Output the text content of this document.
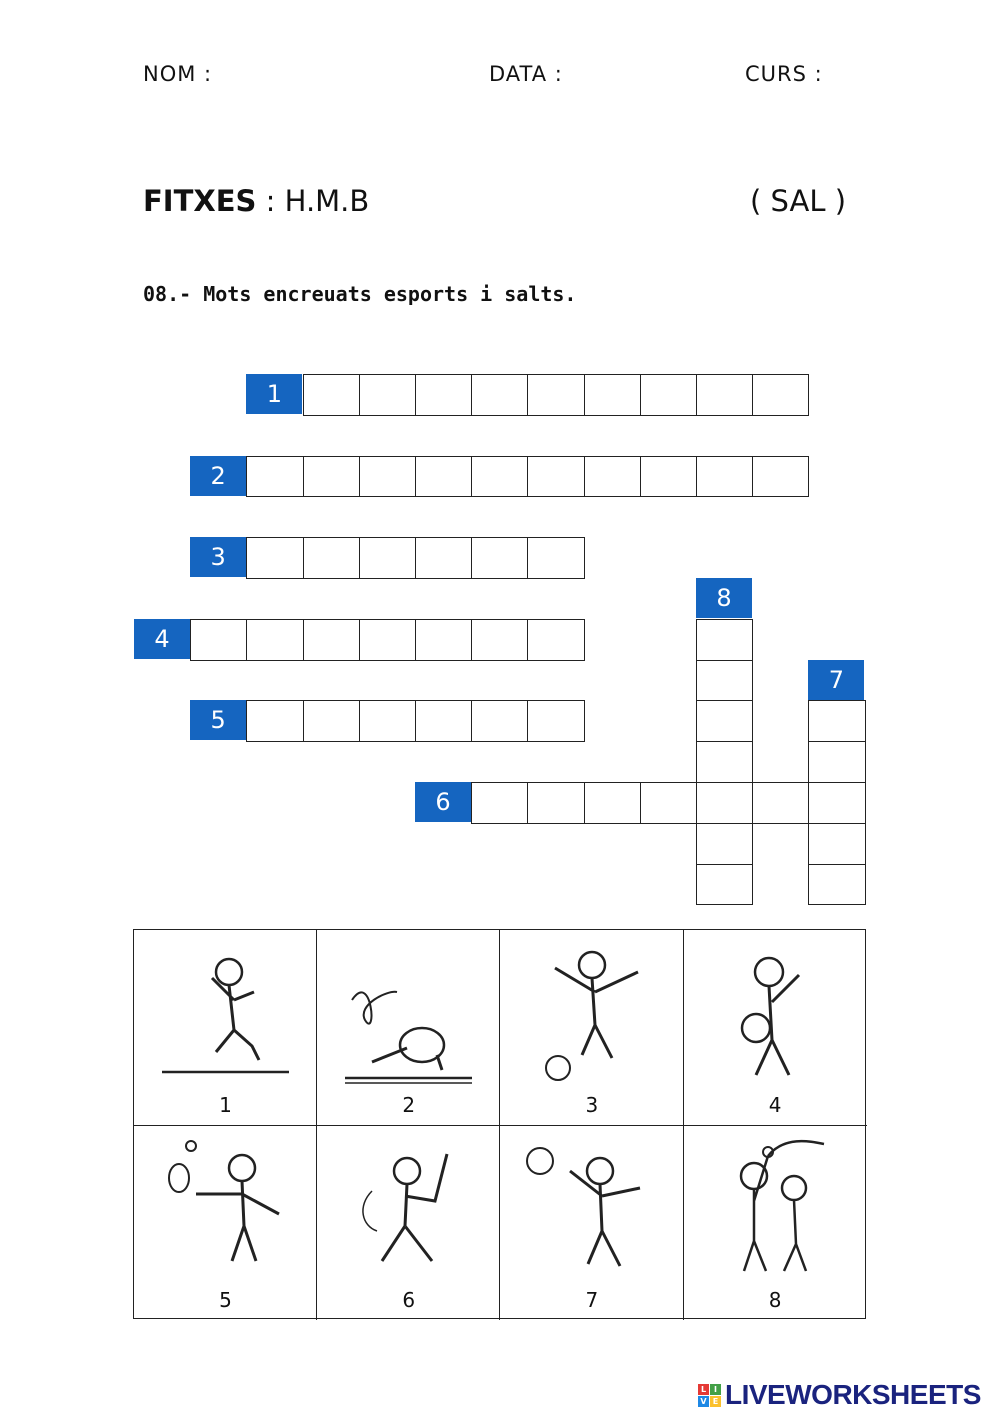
NOM :	DATA :	CURS :
FITXES : H.M.B	( SAL )
08.- Mots encreuats esports i salts.
1
2
3
4
5
6
7
8
1	2	3	4
5	6	7	8
L I
V E LIVEWORKSHEETS
